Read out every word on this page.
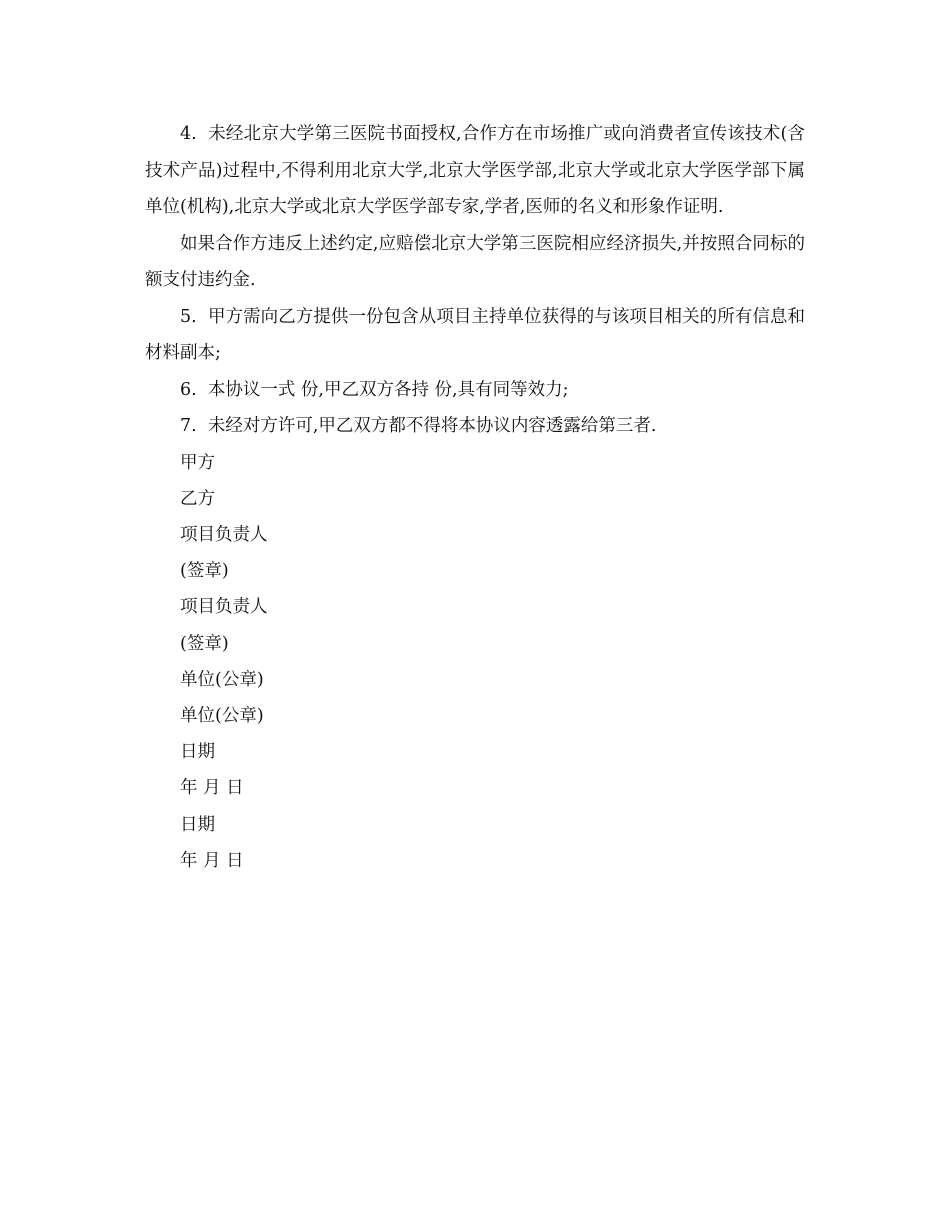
4.  未经北京大学第三医院书面授权,合作方在市场推广或向消费者宣传该技术(含技术产品)过程中,不得利用北京大学,北京大学医学部,北京大学或北京大学医学部下属单位(机构),北京大学或北京大学医学部专家,学者,医师的名义和形象作证明.

如果合作方违反上述约定,应赔偿北京大学第三医院相应经济损失,并按照合同标的额支付违约金.

5.  甲方需向乙方提供一份包含从项目主持单位获得的与该项目相关的所有信息和材料副本;

6.  本协议一式 份,甲乙双方各持 份,具有同等效力;

7.  未经对方许可,甲乙双方都不得将本协议内容透露给第三者.

甲方

乙方

项目负责人

(签章)

项目负责人

(签章)

单位(公章)

单位(公章)

日期

年 月 日

日期

年 月 日
